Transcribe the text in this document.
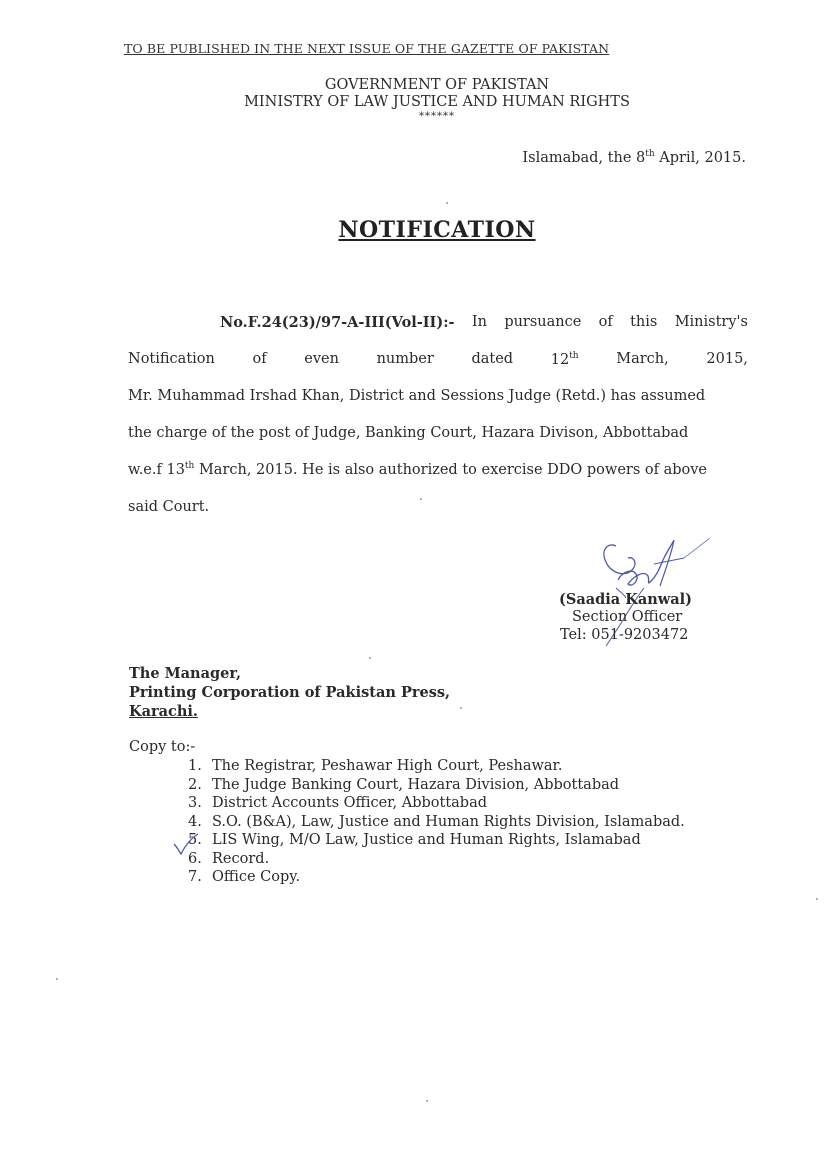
TO BE PUBLISHED IN THE NEXT ISSUE OF THE GAZETTE OF PAKISTAN
GOVERNMENT OF PAKISTAN
MINISTRY OF LAW JUSTICE AND HUMAN RIGHTS
******
Islamabad, the 8th April, 2015.
NOTIFICATION
No.F.24(23)/97-A-III(Vol-II):- In pursuance of this Ministry's
Notification	of	even	number	dated	12th	March,	2015,
Mr. Muhammad Irshad Khan, District and Sessions Judge (Retd.) has assumed
the charge of the post of Judge, Banking Court, Hazara Divison, Abbottabad
w.e.f 13th March, 2015. He is also authorized to exercise DDO powers of above
said Court.
(Saadia Kanwal)
Section Officer
Tel: 051-9203472
The Manager,
Printing Corporation of Pakistan Press,
Karachi.
Copy to:-
1. The Registrar, Peshawar High Court, Peshawar.
2. The Judge Banking Court, Hazara Division, Abbottabad
3. District Accounts Officer, Abbottabad
4. S.O. (B&A), Law, Justice and Human Rights Division, Islamabad.
5. LIS Wing, M/O Law, Justice and Human Rights, Islamabad
6. Record.
7. Office Copy.
